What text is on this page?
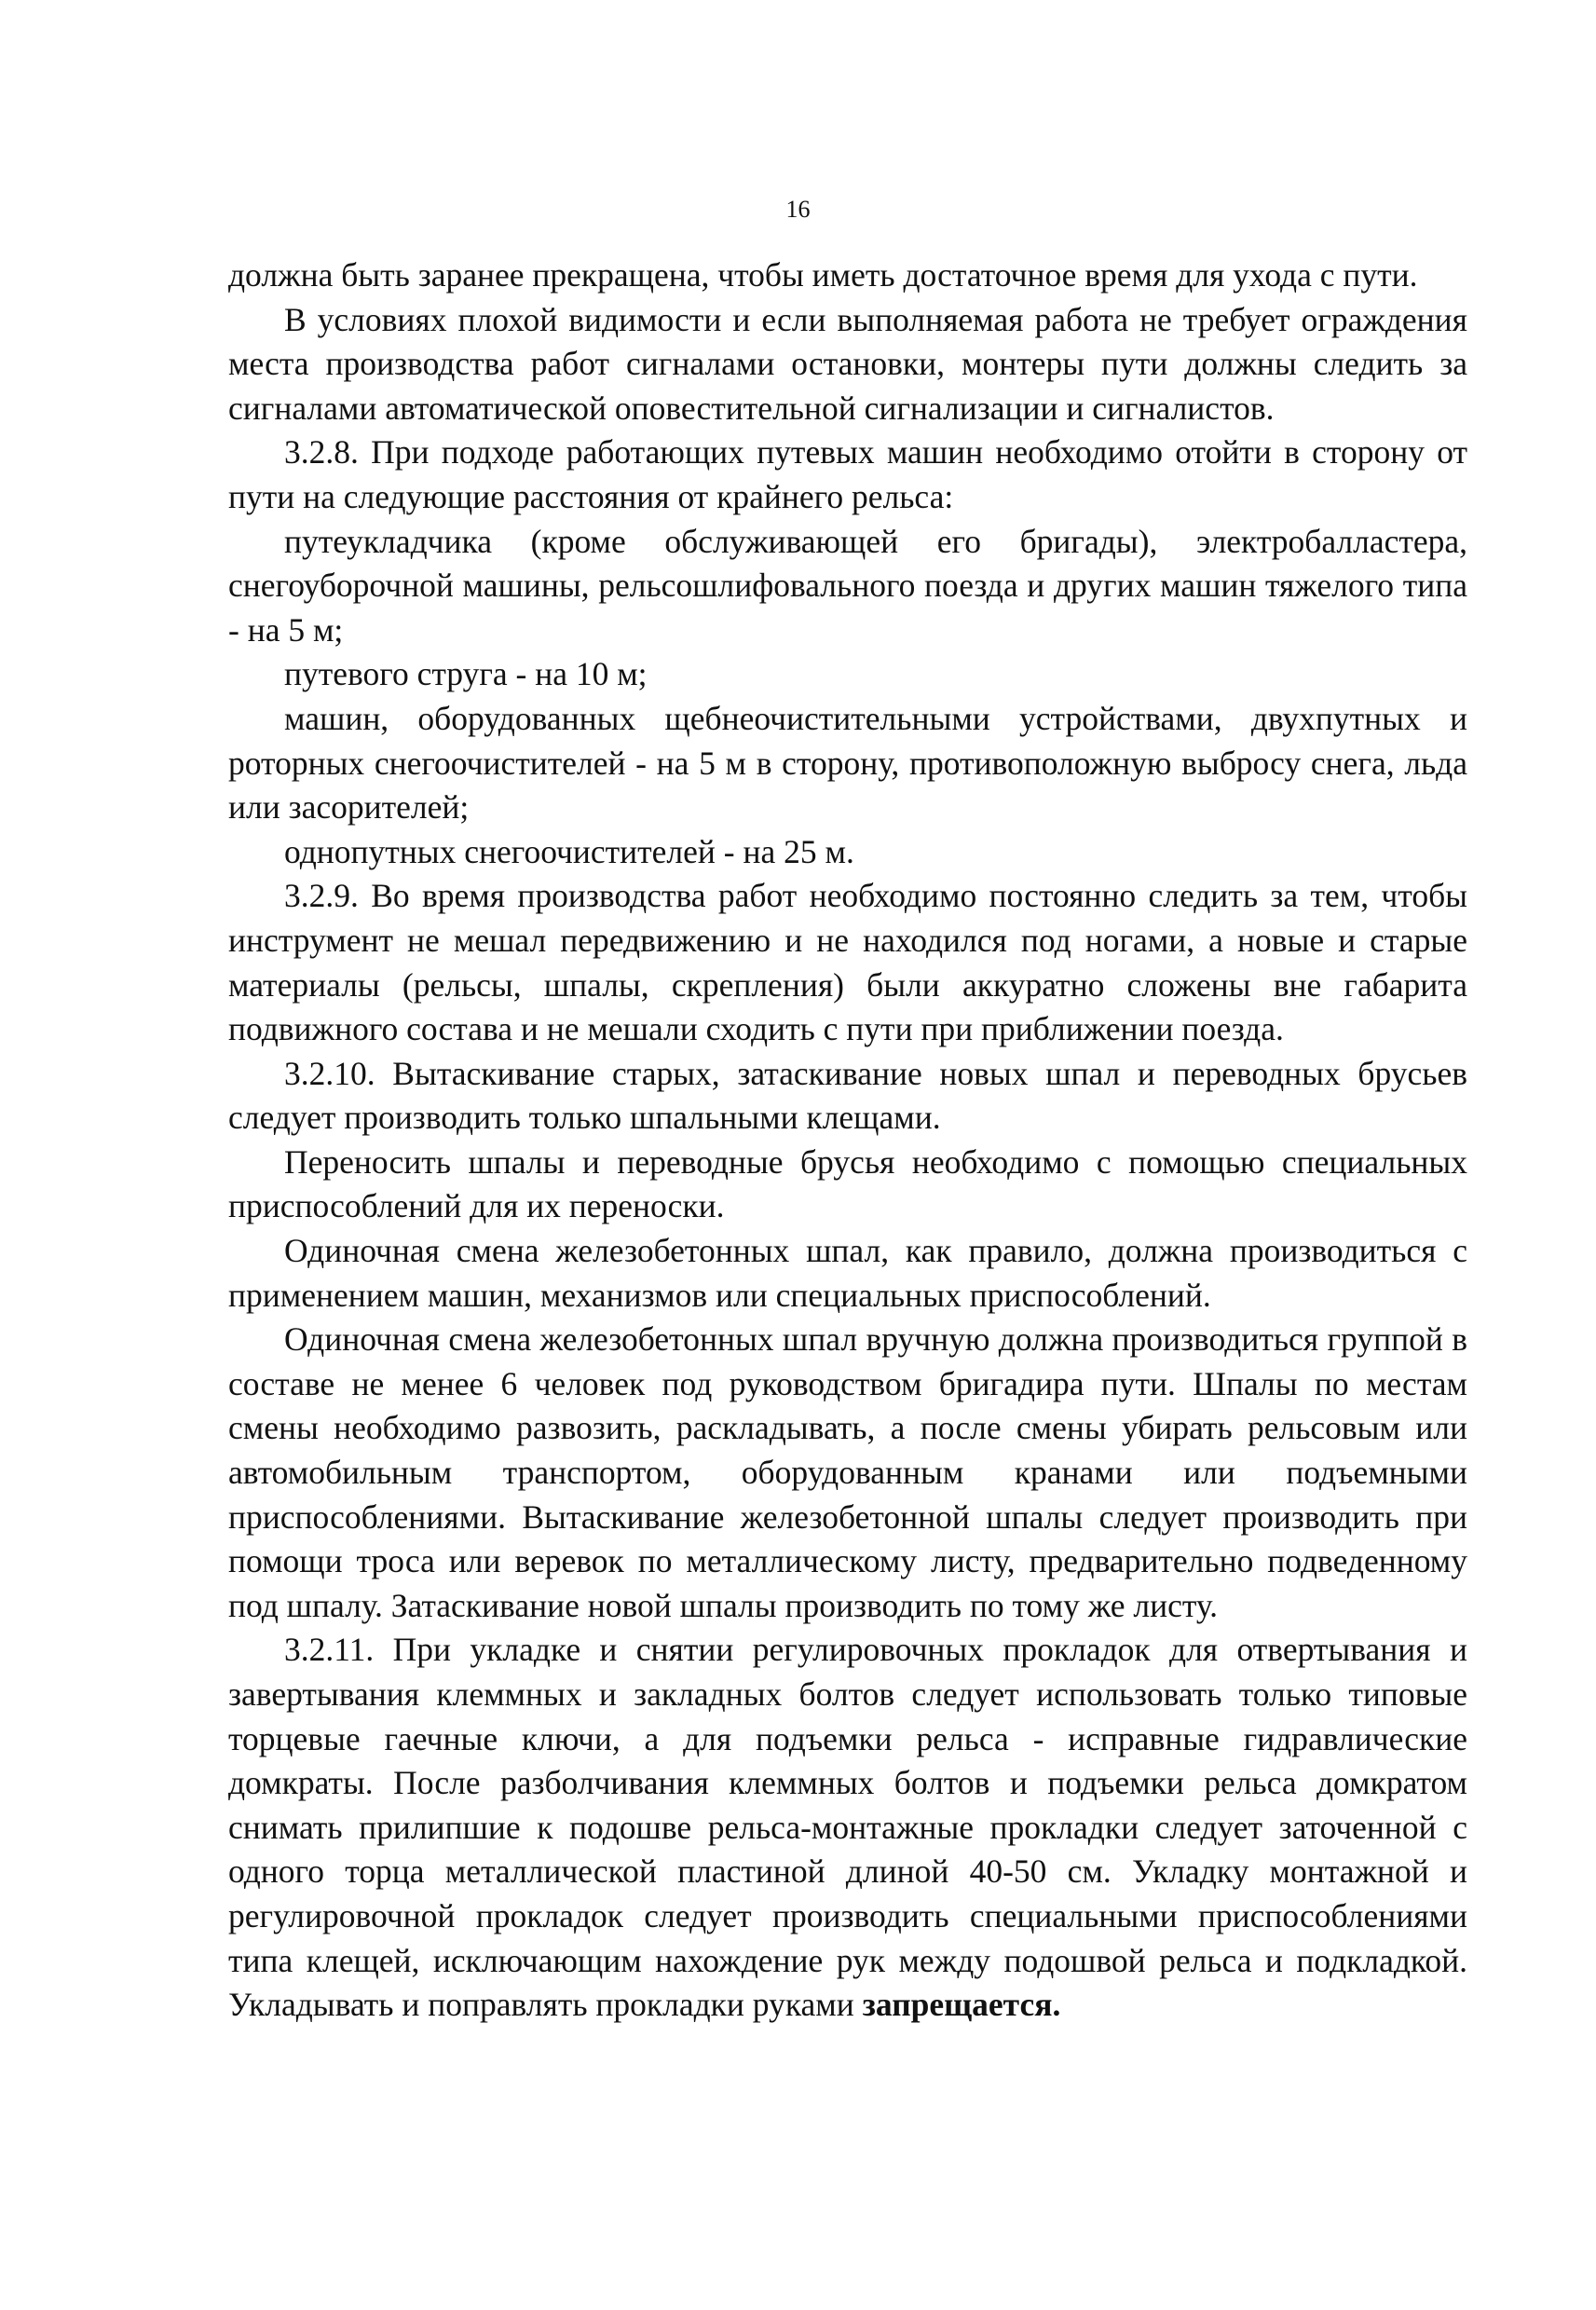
16

должна быть заранее прекращена, чтобы иметь достаточное время для ухода с пути.

В условиях плохой видимости и если выполняемая работа не требует ограждения места производства работ сигналами остановки, монтеры пути должны следить за сигналами автоматической оповестительной сигнализации и сигналистов.

3.2.8. При подходе работающих путевых машин необходимо отойти в сторону от пути на следующие расстояния от крайнего рельса:

путеукладчика (кроме обслуживающей его бригады), электробалластера, снегоуборочной машины, рельсошлифовального поезда и других машин тяжелого типа - на 5 м;

путевого струга - на 10 м;

машин, оборудованных щебнеочистительными устройствами, двухпутных и роторных снегоочистителей - на 5 м в сторону, противоположную выбросу снега, льда или засорителей;

однопутных снегоочистителей - на 25 м.

3.2.9. Во время производства работ необходимо постоянно следить за тем, чтобы инструмент не мешал передвижению и не находился под ногами, а новые и старые материалы (рельсы, шпалы, скрепления) были аккуратно сложены вне габарита подвижного состава и не мешали сходить с пути при приближении поезда.

3.2.10. Вытаскивание старых, затаскивание новых шпал и переводных брусьев следует производить только шпальными клещами.

Переносить шпалы и переводные брусья необходимо с помощью специальных приспособлений для их переноски.

Одиночная смена железобетонных шпал, как правило, должна производиться с применением машин, механизмов или специальных приспособлений.

Одиночная смена железобетонных шпал вручную должна производиться группой в составе не менее 6 человек под руководством бригадира пути. Шпалы по местам смены необходимо развозить, раскладывать, а после смены убирать рельсовым или автомобильным транспортом, оборудованным кранами или подъемными приспособлениями. Вытаскивание железобетонной шпалы следует производить при помощи троса или веревок по металлическому листу, предварительно подведенному под шпалу. Затаскивание новой шпалы производить по тому же листу.

3.2.11. При укладке и снятии регулировочных прокладок для отвертывания и завертывания клеммных и закладных болтов следует использовать только типовые торцевые гаечные ключи, а для подъемки рельса - исправные гидравлические домкраты. После разболчивания клеммных болтов и подъемки рельса домкратом снимать прилипшие к подошве рельса-монтажные прокладки следует заточенной с одного торца металлической пластиной длиной 40-50 см. Укладку монтажной и регулировочной прокладок следует производить специальными приспособлениями типа клещей, исключающим нахождение рук между подошвой рельса и подкладкой. Укладывать и поправлять прокладки руками запрещается.
